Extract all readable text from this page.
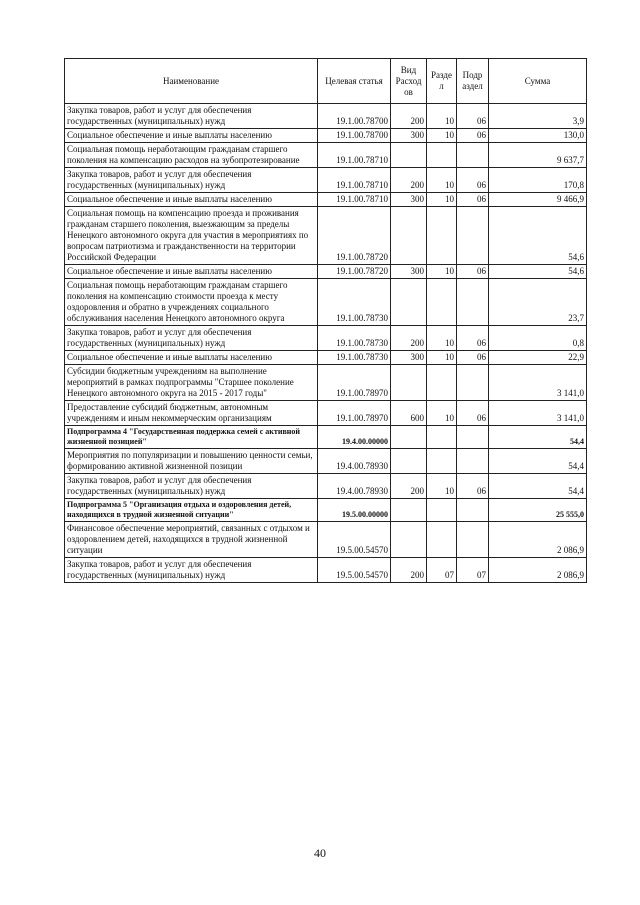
Наименование	Целевая статья	Вид Расход ов	Разде л	Подр аздел	Сумма
Закупка товаров, работ и услуг для обеспечения государственных (муниципальных) нужд	19.1.00.78700	200	10	06	3,9
Социальное обеспечение и иные выплаты населению	19.1.00.78700	300	10	06	130,0
Социальная помощь неработающим гражданам старшего поколения на компенсацию расходов на зубопротезирование	19.1.00.78710				9 637,7
Закупка товаров, работ и услуг для обеспечения государственных (муниципальных) нужд	19.1.00.78710	200	10	06	170,8
Социальное обеспечение и иные выплаты населению	19.1.00.78710	300	10	06	9 466,9
Социальная помощь на компенсацию проезда и проживания гражданам старшего поколения, выезжающим за пределы Ненецкого автономного округа для участия в мероприятиях по вопросам патриотизма и гражданственности на территории Российской Федерации	19.1.00.78720				54,6
Социальное обеспечение и иные выплаты населению	19.1.00.78720	300	10	06	54,6
Социальная помощь неработающим гражданам старшего поколения на компенсацию стоимости проезда к месту оздоровления и обратно в учреждениях социального обслуживания населения Ненецкого автономного округа	19.1.00.78730				23,7
Закупка товаров, работ и услуг для обеспечения государственных (муниципальных) нужд	19.1.00.78730	200	10	06	0,8
Социальное обеспечение и иные выплаты населению	19.1.00.78730	300	10	06	22,9
Субсидии бюджетным учреждениям на выполнение мероприятий в рамках подпрограммы "Старшее поколение Ненецкого автономного округа на 2015 - 2017 годы"	19.1.00.78970				3 141,0
Предоставление субсидий бюджетным, автономным учреждениям и иным некоммерческим организациям	19.1.00.78970	600	10	06	3 141,0
Подпрограмма 4 "Государственная поддержка семей с активной жизненной позицией"	19.4.00.00000				54,4
Мероприятия по популяризации и повышению ценности семьи, формированию активной жизненной позиции	19.4.00.78930				54,4
Закупка товаров, работ и услуг для обеспечения государственных (муниципальных) нужд	19.4.00.78930	200	10	06	54,4
Подпрограмма 5 "Организация отдыха и оздоровления детей, находящихся в трудной жизненной ситуации"	19.5.00.00000				25 555,0
Финансовое обеспечение мероприятий, связанных с отдыхом и оздоровлением детей, находящихся в трудной жизненной ситуации	19.5.00.54570				2 086,9
Закупка товаров, работ и услуг для обеспечения государственных (муниципальных) нужд	19.5.00.54570	200	07	07	2 086,9
40
